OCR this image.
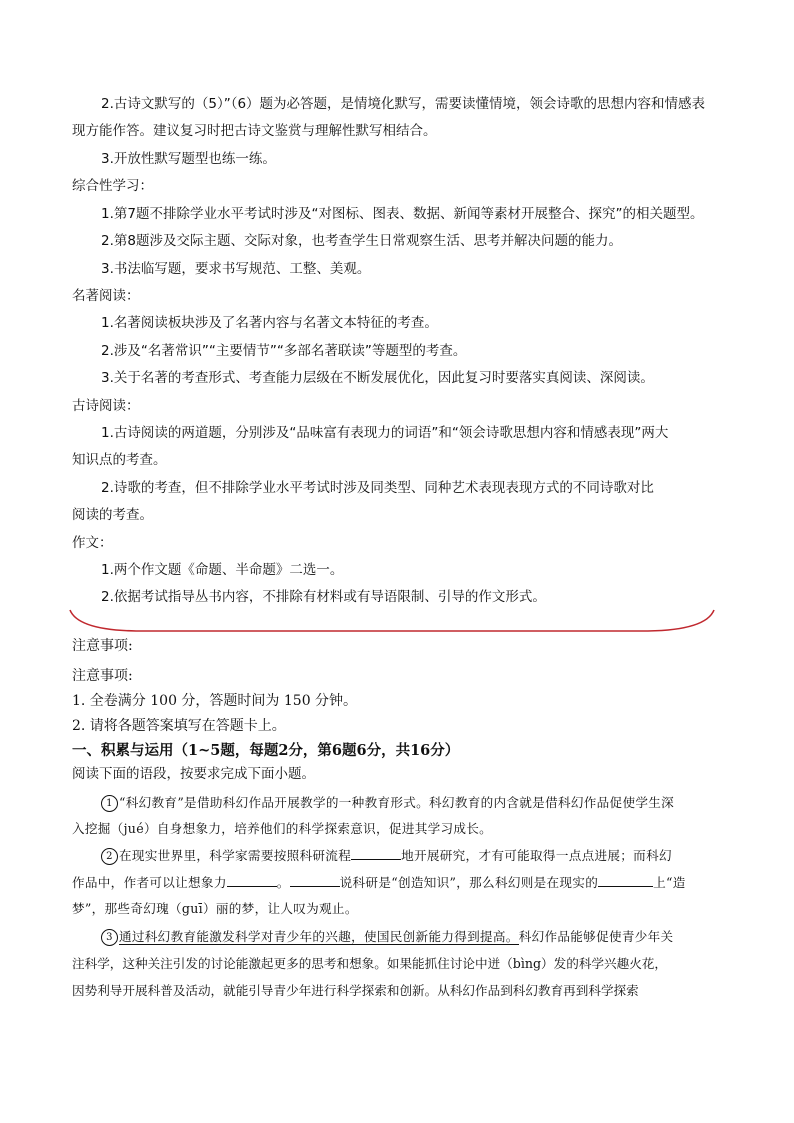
2.古诗文默写的（5）”（6）题为必答题，是情境化默写，需要读懂情境，领会诗歌的思想内容和情感表
现方能作答。建议复习时把古诗文鉴赏与理解性默写相结合。
3.开放性默写题型也练一练。
综合性学习：
1.第7题不排除学业水平考试时涉及“对图标、图表、数据、新闻等素材开展整合、探究”的相关题型。
2.第8题涉及交际主题、交际对象，也考查学生日常观察生活、思考并解决问题的能力。
3.书法临写题，要求书写规范、工整、美观。
名著阅读：
1.名著阅读板块涉及了名著内容与名著文本特征的考查。
2.涉及“名著常识”“主要情节”“多部名著联读”等题型的考查。
3.关于名著的考查形式、考查能力层级在不断发展优化，因此复习时要落实真阅读、深阅读。
古诗阅读：
1.古诗阅读的两道题，分别涉及“品味富有表现力的词语”和“领会诗歌思想内容和情感表现”两大
知识点的考查。
2.诗歌的考查，但不排除学业水平考试时涉及同类型、同种艺术表现表现方式的不同诗歌对比
阅读的考查。
作文：
1.两个作文题《命题、半命题》二选一。
2.依据考试指导丛书内容，不排除有材料或有导语限制、引导的作文形式。
注意事项:
注意事项:
1. 全卷满分 100 分，答题时间为 150 分钟。
2. 请将各题答案填写在答题卡上。
一、积累与运用（1~5题，每题2分，第6题6分，共16分）
阅读下面的语段，按要求完成下面小题。
1 “科幻教育”是借助科幻作品开展教学的一种教育形式。科幻教育的内含就是借科幻作品促使学生深
入挖掘（jué）自身想象力，培养他们的科学探索意识，促进其学习成长。
2 在现实世界里，科学家需要按照科研流程	地开展研究，才有可能取得一点点进展；而科幻
作品中，作者可以让想象力	。	说科研是“创造知识”，那么科幻则是在现实的	上“造
梦”，那些奇幻瑰（guī）丽的梦，让人叹为观止。
3 通过科幻教育能激发科学对青少年的兴趣，使国民创新能力得到提高。科幻作品能够促使青少年关
注科学，这种关注引发的讨论能激起更多的思考和想象。如果能抓住讨论中迸（bìng）发的科学兴趣火花，
因势利导开展科普及活动，就能引导青少年进行科学探索和创新。从科幻作品到科幻教育再到科学探索
